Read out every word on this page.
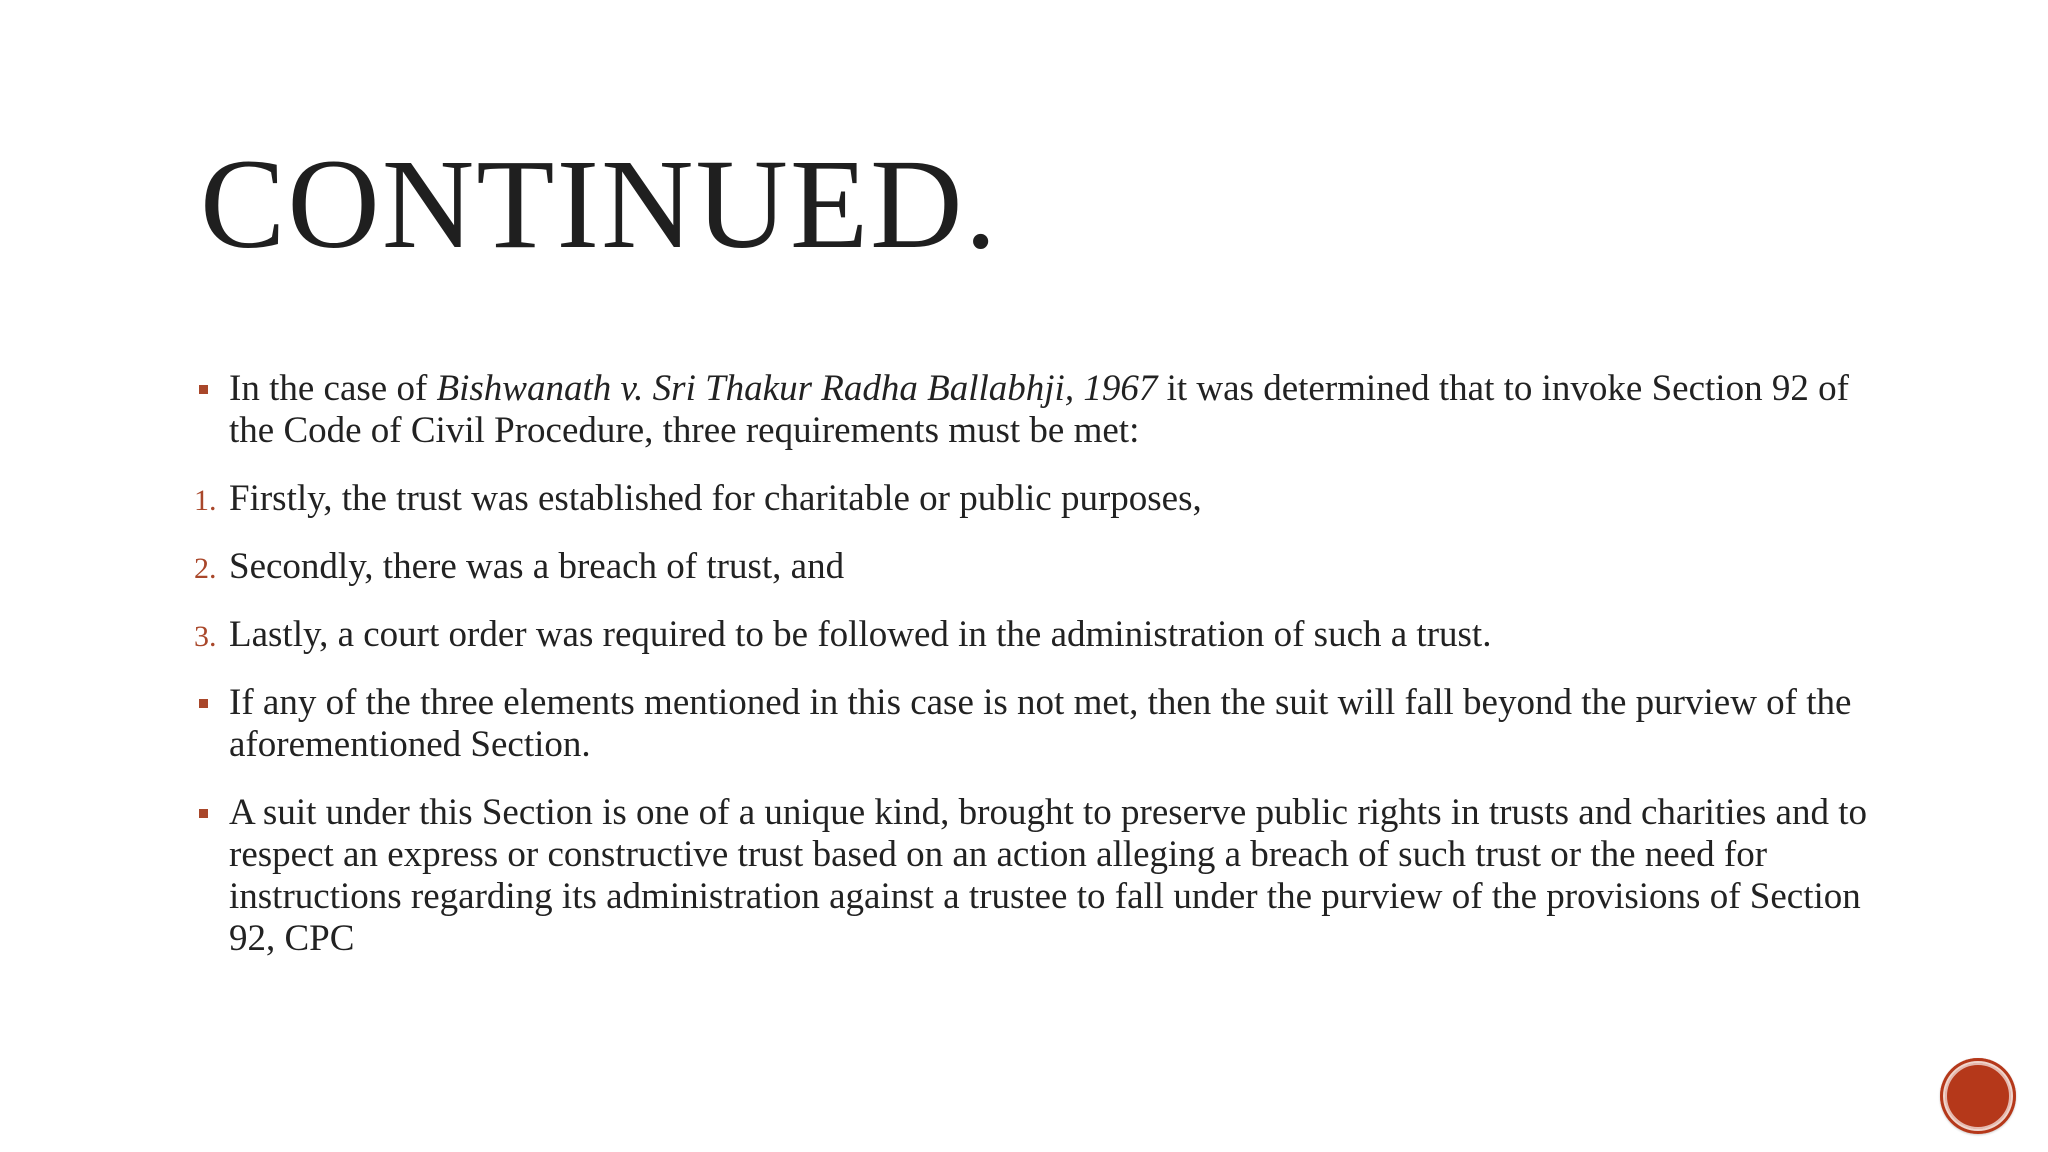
CONTINUED.
In the case of Bishwanath v. Sri Thakur Radha Ballabhji, 1967 it was determined that to invoke Section 92 of the Code of Civil Procedure, three requirements must be met:
1. Firstly, the trust was established for charitable or public purposes,
2. Secondly, there was a breach of trust, and
3. Lastly, a court order was required to be followed in the administration of such a trust.
If any of the three elements mentioned in this case is not met, then the suit will fall beyond the purview of the aforementioned Section.
A suit under this Section is one of a unique kind, brought to preserve public rights in trusts and charities and to respect an express or constructive trust based on an action alleging a breach of such trust or the need for instructions regarding its administration against a trustee to fall under the purview of the provisions of Section 92, CPC
